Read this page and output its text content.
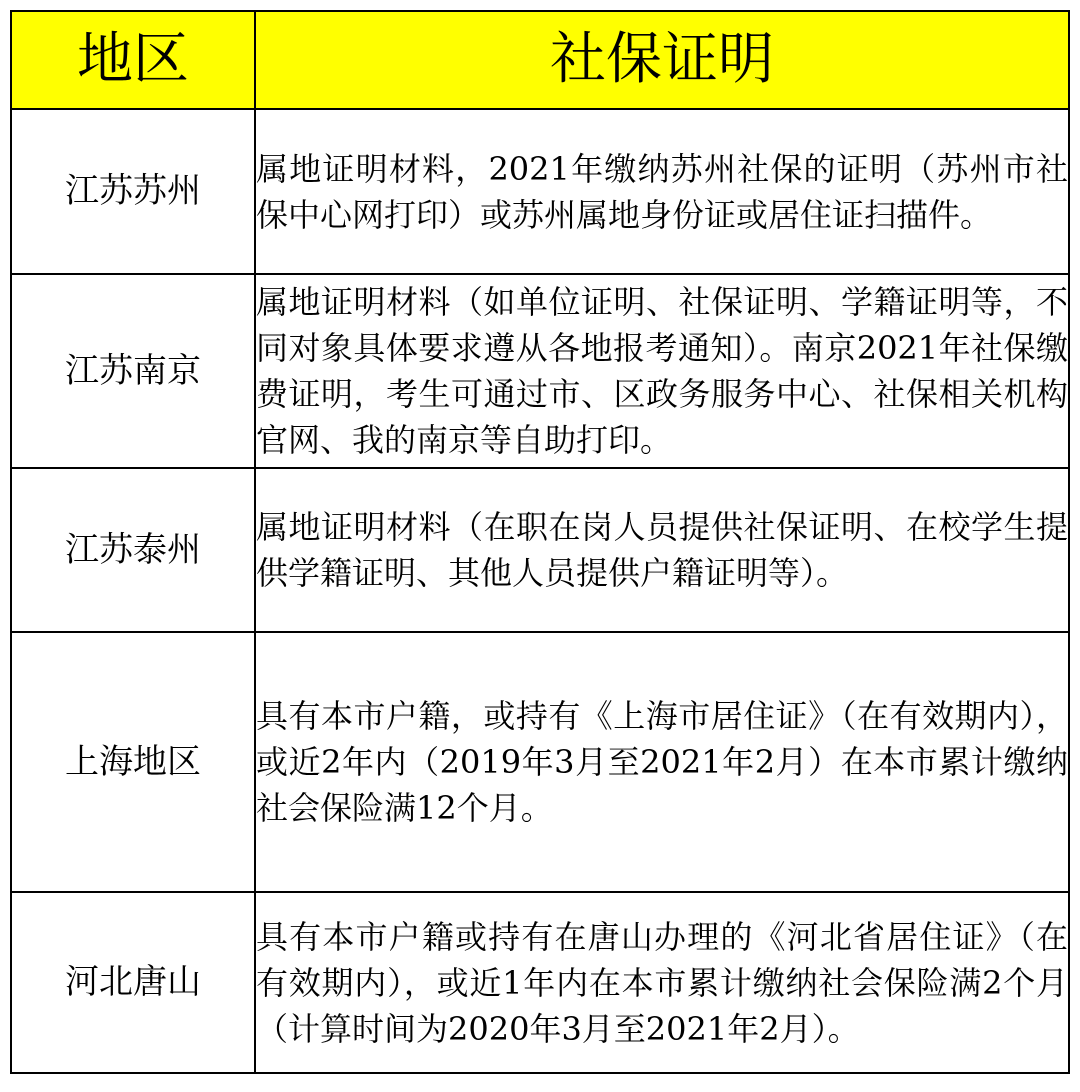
地区	社保证明
江苏苏州	属地证明材料，2021年缴纳苏州社保的证明（苏州市社保中心网打印）或苏州属地身份证或居住证扫描件。
江苏南京	属地证明材料（如单位证明、社保证明、学籍证明等，不同对象具体要求遵从各地报考通知）。南京2021年社保缴费证明，考生可通过市、区政务服务中心、社保相关机构官网、我的南京等自助打印。
江苏泰州	属地证明材料（在职在岗人员提供社保证明、在校学生提供学籍证明、其他人员提供户籍证明等）。
上海地区	具有本市户籍，或持有《上海市居住证》（在有效期内），或近2年内（2019年3月至2021年2月）在本市累计缴纳社会保险满12个月。
河北唐山	具有本市户籍或持有在唐山办理的《河北省居住证》（在有效期内），或近1年内在本市累计缴纳社会保险满2个月（计算时间为2020年3月至2021年2月）。
